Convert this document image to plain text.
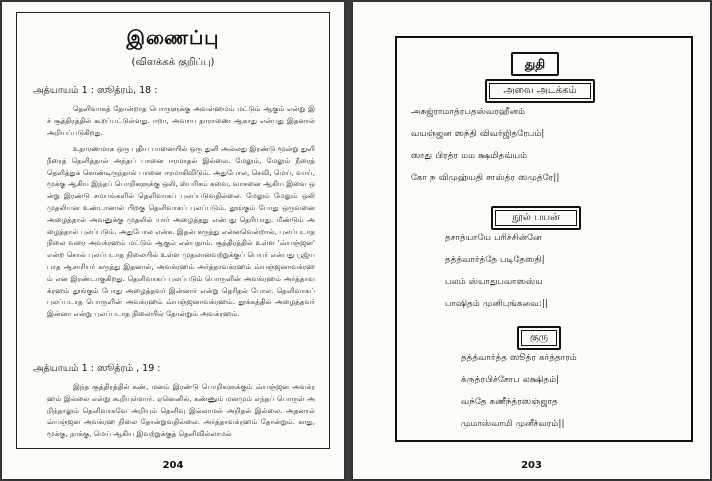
இணைப்பு
(விளக்கக் குறிப்பு)
அத்யாயம் 1 : ஸூத்ரம், 18 :

தெளிவாகத் தோன்றாத பொருளுக்கு அவள்ஹமம் மட்டும் ஆகும் என்று இச் சூத்திரத்தில் கூறப்பட்டுள்ளது. ஈறா, அவாய தாராணை ஆகாது என்பது இதனால் அறியப்படுகிறது.

உதாரணமாக ஒரு புதிய பானையில் ஒரு துளி அல்லது இரண்டு மூன்று துளி நீரைத் தெளித்தால் அந்தப் பானை ஈரமாதல் இல்லை. மேலும், மேலும் நீரைத் தெளித்துக் கொண்டிருந்தால் பானை ஈரமாகிவிடும். அதுபோல, செவி, மெய், வாய், மூக்கு ஆகிய இந்தப் பொறிகளுக்கு ஒலி, ஸ்பரிசம் சுவை, வாசனை ஆகிய இவை ஒன்று இரண்டு சமயங்களில் தெளிவாகப் புலப்படுவதில்லை. மேலும் மேலும் ஒலி முதலியன உண்டானால் பிறகு தெளிவாகப் புலப்படும். தூங்கும் போது ஒருவனை அழைத்தால் அவனுக்கு முதலில் யார் அழைத்தது என்பது தெரியாது. மீண்டும் அழைத்தால் புலப்படும். அதுபோல என்க. இதன் கருத்து என்னவென்றால், புலப்படாத நிலை வரை அவக்ரஹம் மட்டும் ஆகும் என்பதாம். சூத்திரத்தில் உள்ள 'வ்யஞ்ஜன' என்ற சொல் புலப்படாத நிலையில் உள்ள முதலானவற்றுக்குப் பெயர் என்பது பூஜ்யபாத ஆசாரியர் கருத்து இதனால், அவக்ரஹம் அர்த்தாவக்ரஹம் வ்யஞ்ஜனாவக்ரஹம் என இரண்டாகுகிறது. தெளிவாகப் புலப்படும் பொருளின் அவக்ரஹம் அர்த்தாவக்ரஹம் தூங்கும் போது அழைத்தவர் இன்னார் என்று தெரிதல் போல. தெளிவாகப் புலப்படாத பொருளின் அவக்ரஹம் வ்யஞ்ஜனாவக்ரஹம். தூக்கத்தில் அழைத்தவர் இன்னா என்று புலப்படாத நிலையில் தோன்றும் அவக்ரஹம்.

அத்யாயம் 1 : ஸூத்ரம் , 19 :

இந்த சூத்திரத்தில் கண், மனம் இரண்டு பொறிகளுக்கும் வ்யஞ்ஜன அவக்ரஹம் இல்லை என்று கூறியுள்ளார். ஏனெனில், கண்ணும் மனமும் எந்தப் பொருள் அறிந்தாலும் தெளிவாகவே அறியும் தெளிவு இல்லாமல் அறிதல் இல்லை. அதனால் வ்யஞ்ஜன அவக்ரஹ நிலை தோன்றுவதில்லை. அர்த்தாவக்ரஹம் தோன்றும். காது, மூக்கு, நாக்கு, மெய் ஆகிய இவற்றுக்குத் தெளிவில்லாமல்

204
துதி
அவை அடக்கம்
அசுஜ்ராமாத்ரபதஸ்வரஹீனம்
வயஞ்ஜன ஸந்தி விவர்ஜிதரேபம்|
ஸாது பிரத்ர மம க்ஷமிதவ்யம்
கோ ந விமுஹ்யதி சாஸ்த்ர ஸமுத்ரே||
நூல் பயன்
தசாத்யாயே பரிச்சின்னே
தத்த்வார்த்தே படிதேஸதி|
பலம் ஸ்யாதுபவாஸஸ்ய
பாஷிதம் முனிபுங்கவை:||
குரு
தத்த்வார்த்த ஸூத்ர கர்த்தாரம்
க்ருத்ரபிச்சோப லக்ஷிதம்|
வந்தே கணீந்த்ரஸஞ்ஜாத
முமாஸ்வாமி முனீச்வரம்||
203
